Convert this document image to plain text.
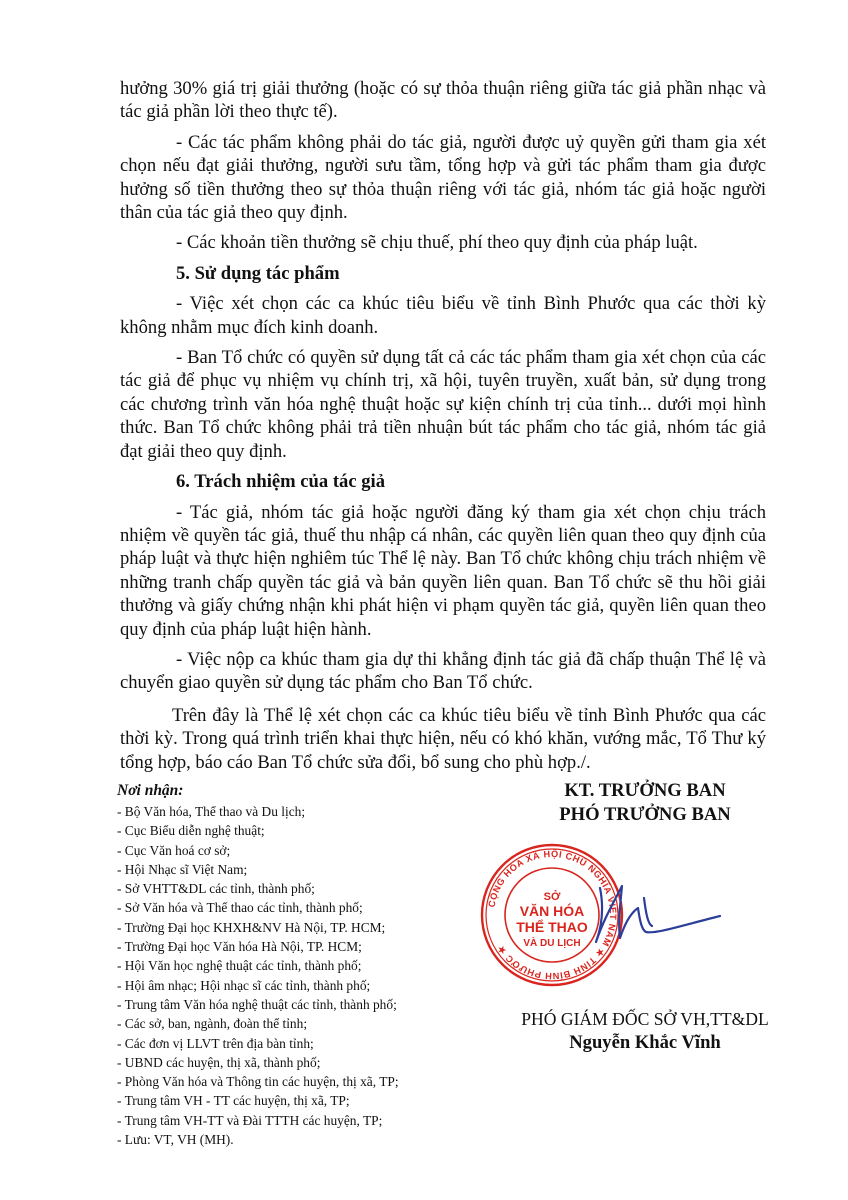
hưởng 30% giá trị giải thưởng (hoặc có sự thỏa thuận riêng giữa tác giả phần nhạc và tác giả phần lời theo thực tế).

- Các tác phẩm không phải do tác giả, người được uỷ quyền gửi tham gia xét chọn nếu đạt giải thưởng, người sưu tầm, tổng hợp và gửi tác phẩm tham gia được hưởng số tiền thưởng theo sự thỏa thuận riêng với tác giả, nhóm tác giả hoặc người thân của tác giả theo quy định.

- Các khoản tiền thưởng sẽ chịu thuế, phí theo quy định của pháp luật.

5. Sử dụng tác phẩm

- Việc xét chọn các ca khúc tiêu biểu về tỉnh Bình Phước qua các thời kỳ không nhằm mục đích kinh doanh.

- Ban Tổ chức có quyền sử dụng tất cả các tác phẩm tham gia xét chọn của các tác giả để phục vụ nhiệm vụ chính trị, xã hội, tuyên truyền, xuất bản, sử dụng trong các chương trình văn hóa nghệ thuật hoặc sự kiện chính trị của tỉnh... dưới mọi hình thức. Ban Tổ chức không phải trả tiền nhuận bút tác phẩm cho tác giả, nhóm tác giả đạt giải theo quy định.

6. Trách nhiệm của tác giả

- Tác giả, nhóm tác giả hoặc người đăng ký tham gia xét chọn chịu trách nhiệm về quyền tác giả, thuế thu nhập cá nhân, các quyền liên quan theo quy định của pháp luật và thực hiện nghiêm túc Thể lệ này. Ban Tổ chức không chịu trách nhiệm về những tranh chấp quyền tác giả và bản quyền liên quan. Ban Tổ chức sẽ thu hồi giải thưởng và giấy chứng nhận khi phát hiện vi phạm quyền tác giả, quyền liên quan theo quy định của pháp luật hiện hành.

- Việc nộp ca khúc tham gia dự thi khẳng định tác giả đã chấp thuận Thể lệ và chuyển giao quyền sử dụng tác phẩm cho Ban Tổ chức.

Trên đây là Thể lệ xét chọn các ca khúc tiêu biểu về tỉnh Bình Phước qua các thời kỳ. Trong quá trình triển khai thực hiện, nếu có khó khăn, vướng mắc, Tổ Thư ký tổng hợp, báo cáo Ban Tổ chức sửa đổi, bổ sung cho phù hợp./.

Nơi nhận:
- Bộ Văn hóa, Thể thao và Du lịch;
- Cục Biểu diễn nghệ thuật;
- Cục Văn hoá cơ sở;
- Hội Nhạc sĩ Việt Nam;
- Sở VHTT&DL các tỉnh, thành phố;
- Sở Văn hóa và Thể thao các tỉnh, thành phố;
- Trường Đại học KHXH&NV Hà Nội, TP. HCM;
- Trường Đại học Văn hóa Hà Nội, TP. HCM;
- Hội Văn học nghệ thuật các tỉnh, thành phố;
- Hội âm nhạc; Hội nhạc sĩ các tỉnh, thành phố;
- Trung tâm Văn hóa nghệ thuật các tỉnh, thành phố;
- Các sở, ban, ngành, đoàn thể tỉnh;
- Các đơn vị LLVT trên địa bàn tỉnh;
- UBND các huyện, thị xã, thành phố;
- Phòng Văn hóa và Thông tin các huyện, thị xã, TP;
- Trung tâm VH - TT các huyện, thị xã, TP;
- Trung tâm VH-TT và Đài TTTH các huyện, TP;
- Lưu: VT, VH (MH).
KT. TRƯỞNG BAN
PHÓ TRƯỞNG BAN
CỘNG HÒA XÃ HỘI CHỦ NGHĨA VIỆT NAM ★ TỈNH BÌNH PHƯỚC ★
SỞ
VĂN HÓA
THỂ THAO
VÀ DU LỊCH
PHÓ GIÁM ĐỐC SỞ VH,TT&DL
Nguyễn Khắc Vĩnh
